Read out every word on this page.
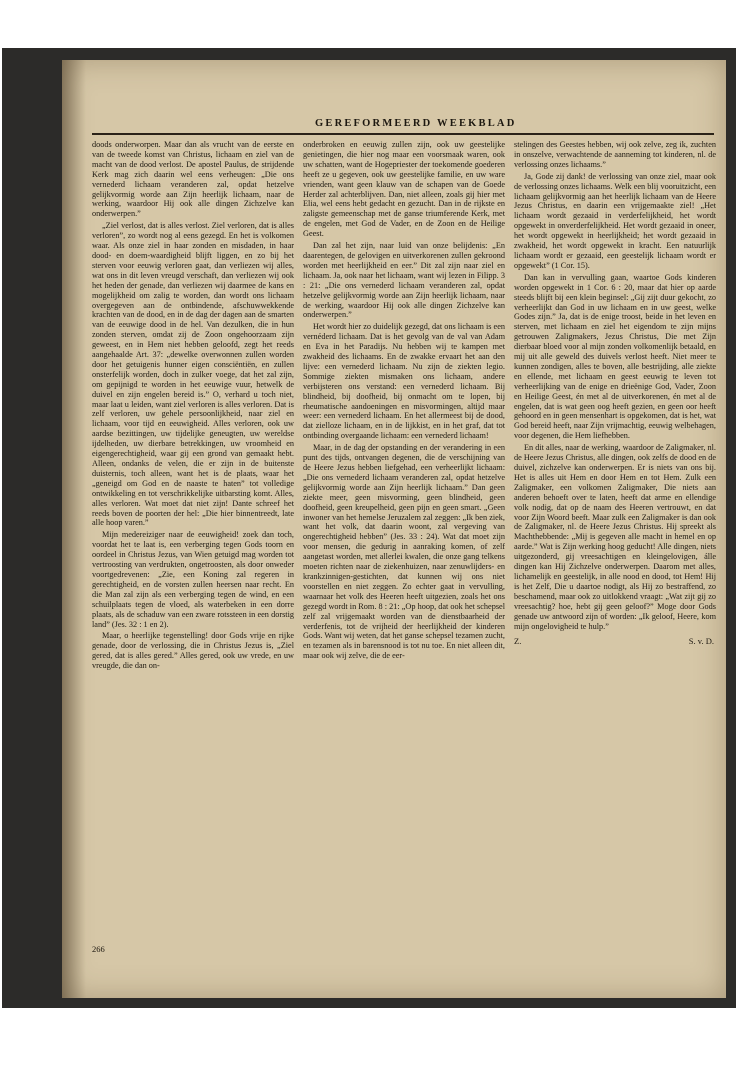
GEREFORMEERD WEEKBLAD

doods onderworpen. Maar dan als vrucht van de eerste en van de tweede komst van Christus, lichaam en ziel van de macht van de dood verlost. De apostel Paulus, de strijdende Kerk mag zich daarin wel eens verheugen: „Die ons vernederd lichaam veranderen zal, opdat hetzelve gelijkvormig worde aan Zijn heerlijk lichaam, naar de werking, waardoor Hij ook alle dingen Zichzelve kan onderwerpen.”

„Ziel verlost, dat is alles verlost. Ziel verloren, dat is alles verloren”, zo wordt nog al eens gezegd. En het is volkomen waar. Als onze ziel in haar zonden en misdaden, in haar dood- en doem-waardigheid blijft liggen, en zo bij het sterven voor eeuwig verloren gaat, dan verliezen wij alles, wat ons in dit leven vreugd verschaft, dan verliezen wij ook het heden der genade, dan verliezen wij daarmee de kans en mogelijkheid om zalig te worden, dan wordt ons lichaam overgegeven aan de ontbindende, afschuwwekkende krachten van de dood, en in de dag der dagen aan de smarten van de eeuwige dood in de hel. Van dezulken, die in hun zonden sterven, omdat zij de Zoon ongehoorzaam zijn geweest, en in Hem niet hebben geloofd, zegt het reeds aangehaalde Art. 37: „dewelke overwonnen zullen worden door het getuigenis hunner eigen consciëntiën, en zullen onsterfelijk worden, doch in zulker voege, dat het zal zijn, om gepijnigd te worden in het eeuwige vuur, hetwelk de duivel en zijn engelen bereid is.” O, verhard u toch niet, maar laat u leiden, want ziel verloren is alles verloren. Dat is zelf verloren, uw gehele persoonlijkheid, naar ziel en lichaam, voor tijd en eeuwigheid. Alles verloren, ook uw aardse bezittingen, uw tijdelijke geneugten, uw wereldse ijdelheden, uw dierbare betrekkingen, uw vroomheid en eigengerechtigheid, waar gij een grond van gemaakt hebt. Alleen, ondanks de velen, die er zijn in de buitenste duisternis, toch alleen, want het is de plaats, waar het „geneigd om God en de naaste te haten” tot volledige ontwikkeling en tot verschrikkelijke uitbarsting komt. Alles, alles verloren. Wat moet dat niet zijn! Dante schreef het reeds boven de poorten der hel: „Die hier binnentreedt, late alle hoop varen.”

Mijn medereiziger naar de eeuwigheid! zoek dan toch, voordat het te laat is, een verberging tegen Gods toorn en oordeel in Christus Jezus, van Wien getuigd mag worden tot vertroosting van verdrukten, ongetroosten, als door onweder voortgedrevenen: „Zie, een Koning zal regeren in gerechtigheid, en de vorsten zullen heersen naar recht. En die Man zal zijn als een verberging tegen de wind, en een schuilplaats tegen de vloed, als waterbeken in een dorre plaats, als de schaduw van een zware rotssteen in een dorstig land” (Jes. 32 : 1 en 2).

Maar, o heerlijke tegenstelling! door Gods vrije en rijke genade, door de verlossing, die in Christus Jezus is, „Ziel gered, dat is alles gered.” Alles gered, ook uw vrede, en uw vreugde, die dan on-

onderbroken en eeuwig zullen zijn, ook uw geestelijke genietingen, die hier nog maar een voorsmaak waren, ook uw schatten, want de Hogepriester der toekomende goederen heeft ze u gegeven, ook uw geestelijke familie, en uw ware vrienden, want geen klauw van de schapen van de Goede Herder zal achterblijven. Dan, niet alleen, zoals gij hier met Elia, wel eens hebt gedacht en gezucht. Dan in de rijkste en zaligste gemeenschap met de ganse triumferende Kerk, met de engelen, met God de Vader, en de Zoon en de Heilige Geest.

Dan zal het zijn, naar luid van onze belijdenis: „En daarentegen, de gelovigen en uitverkorenen zullen gekroond worden met heerlijkheid en eer.” Dit zal zijn naar ziel en lichaam. Ja, ook naar het lichaam, want wij lezen in Filipp. 3 : 21: „Die ons vernederd lichaam veranderen zal, opdat hetzelve gelijkvormig worde aan Zijn heerlijk lichaam, naar de werking, waardoor Hij ook alle dingen Zichzelve kan onderwerpen.”

Het wordt hier zo duidelijk gezegd, dat ons lichaam is een vernéderd lichaam. Dat is het gevolg van de val van Adam en Eva in het Paradijs. Nu hebben wij te kampen met zwakheid des lichaams. En de zwakke ervaart het aan den lijve: een vernederd lichaam. Nu zijn de ziekten legio. Sommige ziekten mismaken ons lichaam, andere verbijsteren ons verstand: een vernederd lichaam. Bij blindheid, bij doofheid, bij onmacht om te lopen, bij rheumatische aandoeningen en misvormingen, altijd maar weer: een vernederd lichaam. En het allermeest bij de dood, dat zielloze lichaam, en in de lijkkist, en in het graf, dat tot ontbinding overgaande lichaam: een vernederd lichaam!

Maar, in de dag der opstanding en der verandering in een punt des tijds, ontvangen degenen, die de verschijning van de Heere Jezus hebben liefgehad, een verheerlijkt lichaam: „Die ons vernederd lichaam veranderen zal, opdat hetzelve gelijkvormig worde aan Zijn heerlijk lichaam.” Dan geen ziekte meer, geen misvorming, geen blindheid, geen doofheid, geen kreupelheid, geen pijn en geen smart. „Geen inwoner van het hemelse Jeruzalem zal zeggen: „Ik ben ziek, want het volk, dat daarin woont, zal vergeving van ongerechtigheid hebben” (Jes. 33 : 24). Wat dat moet zijn voor mensen, die gedurig in aanraking komen, of zelf aangetast worden, met allerlei kwalen, die onze gang telkens moeten richten naar de ziekenhuizen, naar zenuwlijders- en krankzinnigen-gestichten, dat kunnen wij ons niet voorstellen en niet zeggen. Zo echter gaat in vervulling, waarnaar het volk des Heeren heeft uitgezien, zoals het ons gezegd wordt in Rom. 8 : 21: „Op hoop, dat ook het schepsel zelf zal vrijgemaakt worden van de dienstbaarheid der verderfenis, tot de vrijheid der heerlijkheid der kinderen Gods. Want wij weten, dat het ganse schepsel tezamen zucht, en tezamen als in barensnood is tot nu toe. En niet alleen dit, maar ook wij zelve, die de eer-

stelingen des Geestes hebben, wij ook zelve, zeg ik, zuchten in onszelve, verwachtende de aanneming tot kinderen, nl. de verlossing onzes lichaams.”

Ja, Gode zij dank! de verlossing van onze ziel, maar ook de verlossing onzes lichaams. Welk een blij vooruitzicht, een lichaam gelijkvormig aan het heerlijk lichaam van de Heere Jezus Christus, en daarin een vrijgemaakte ziel! „Het lichaam wordt gezaaid in verderfelijkheid, het wordt opgewekt in onverderfelijkheid. Het wordt gezaaid in oneer, het wordt opgewekt in heerlijkheid; het wordt gezaaid in zwakheid, het wordt opgewekt in kracht. Een natuurlijk lichaam wordt er gezaaid, een geestelijk lichaam wordt er opgewekt” (1 Cor. 15).

Dan kan in vervulling gaan, waartoe Gods kinderen worden opgewekt in 1 Cor. 6 : 20, maar dat hier op aarde steeds blijft bij een klein beginsel: „Gij zijt duur gekocht, zo verheerlijkt dan God in uw lichaam en in uw geest, welke Godes zijn.” Ja, dat is de enige troost, beide in het leven en sterven, met lichaam en ziel het eigendom te zijn mijns getrouwen Zaligmakers, Jezus Christus, Die met Zijn dierbaar bloed voor al mijn zonden volkomenlijk betaald, en mij uit alle geweld des duivels verlost heeft. Niet meer te kunnen zondigen, alles te boven, alle bestrijding, alle ziekte en ellende, met lichaam en geest eeuwig te leven tot verheerlijking van de enige en drieënige God, Vader, Zoon en Heilige Geest, én met al de uitverkorenen, én met al de engelen, dat is wat geen oog heeft gezien, en geen oor heeft gehoord en in geen mensenhart is opgekomen, dat is het, wat God bereid heeft, naar Zijn vrijmachtig, eeuwig welbehagen, voor degenen, die Hem liefhebben.

En dit alles, naar de werking, waardoor de Zaligmaker, nl. de Heere Jezus Christus, alle dingen, ook zelfs de dood en de duivel, zichzelve kan onderwerpen. Er is niets van ons bij. Het is alles uit Hem en door Hem en tot Hem. Zulk een Zaligmaker, een volkomen Zaligmaker, Die niets aan anderen behoeft over te laten, heeft dat arme en ellendige volk nodig, dat op de naam des Heeren vertrouwt, en dat voor Zijn Woord beeft. Maar zulk een Zaligmaker is dan ook de Zaligmaker, nl. de Heere Jezus Christus. Hij spreekt als Machthebbende: „Mij is gegeven alle macht in hemel en op aarde.” Wat is Zijn werking hoog geducht! Alle dingen, niets uitgezonderd, gij vreesachtigen en kleingelovigen, álle dingen kan Hij Zichzelve onderwerpen. Daarom met alles, lichamelijk en geestelijk, in alle nood en dood, tot Hem! Hij is het Zelf, Die u daartoe nodigt, als Hij zo bestraffend, zo beschamend, maar ook zo uitlokkend vraagt: „Wat zijt gij zo vreesachtig? hoe, hebt gij geen geloof?” Moge door Gods genade uw antwoord zijn of worden: „Ik geloof, Heere, kom mijn ongelovigheid te hulp.”

Z.	S. v. D.
266
